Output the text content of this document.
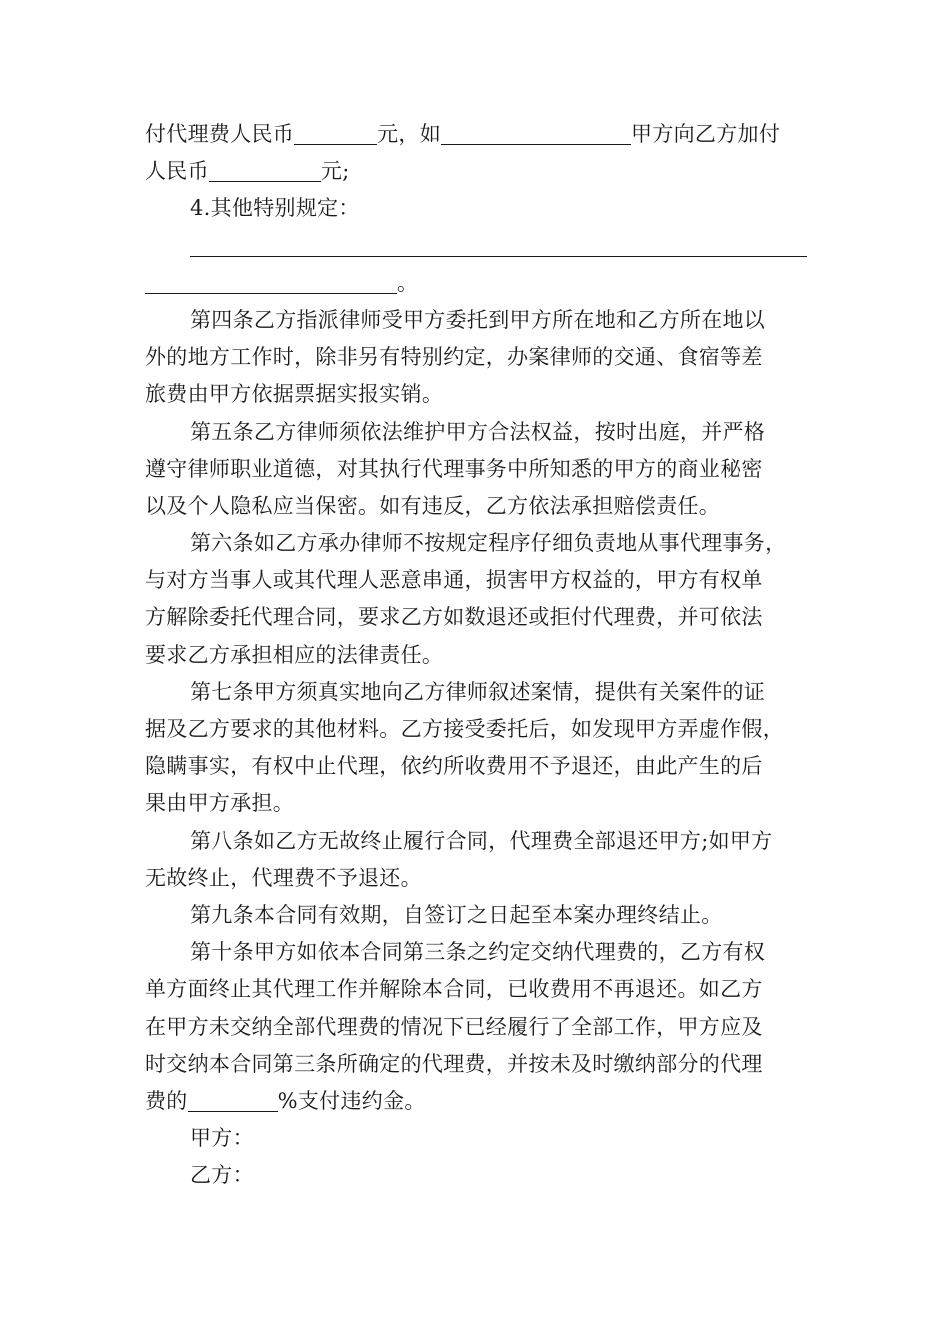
付代理费人民币	元，如	甲方向乙方加付
人民币	元;
4.其他特别规定：
。
第四条乙方指派律师受甲方委托到甲方所在地和乙方所在地以
外的地方工作时，除非另有特别约定，办案律师的交通、食宿等差
旅费由甲方依据票据实报实销。
第五条乙方律师须依法维护甲方合法权益，按时出庭，并严格
遵守律师职业道德，对其执行代理事务中所知悉的甲方的商业秘密
以及个人隐私应当保密。如有违反，乙方依法承担赔偿责任。
第六条如乙方承办律师不按规定程序仔细负责地从事代理事务，
与对方当事人或其代理人恶意串通，损害甲方权益的，甲方有权单
方解除委托代理合同，要求乙方如数退还或拒付代理费，并可依法
要求乙方承担相应的法律责任。
第七条甲方须真实地向乙方律师叙述案情，提供有关案件的证
据及乙方要求的其他材料。乙方接受委托后，如发现甲方弄虚作假，
隐瞒事实，有权中止代理，依约所收费用不予退还，由此产生的后
果由甲方承担。
第八条如乙方无故终止履行合同，代理费全部退还甲方;如甲方
无故终止，代理费不予退还。
第九条本合同有效期，自签订之日起至本案办理终结止。
第十条甲方如依本合同第三条之约定交纳代理费的，乙方有权
单方面终止其代理工作并解除本合同，已收费用不再退还。如乙方
在甲方未交纳全部代理费的情况下已经履行了全部工作，甲方应及
时交纳本合同第三条所确定的代理费，并按未及时缴纳部分的代理
费的	%支付违约金。
甲方：
乙方：
